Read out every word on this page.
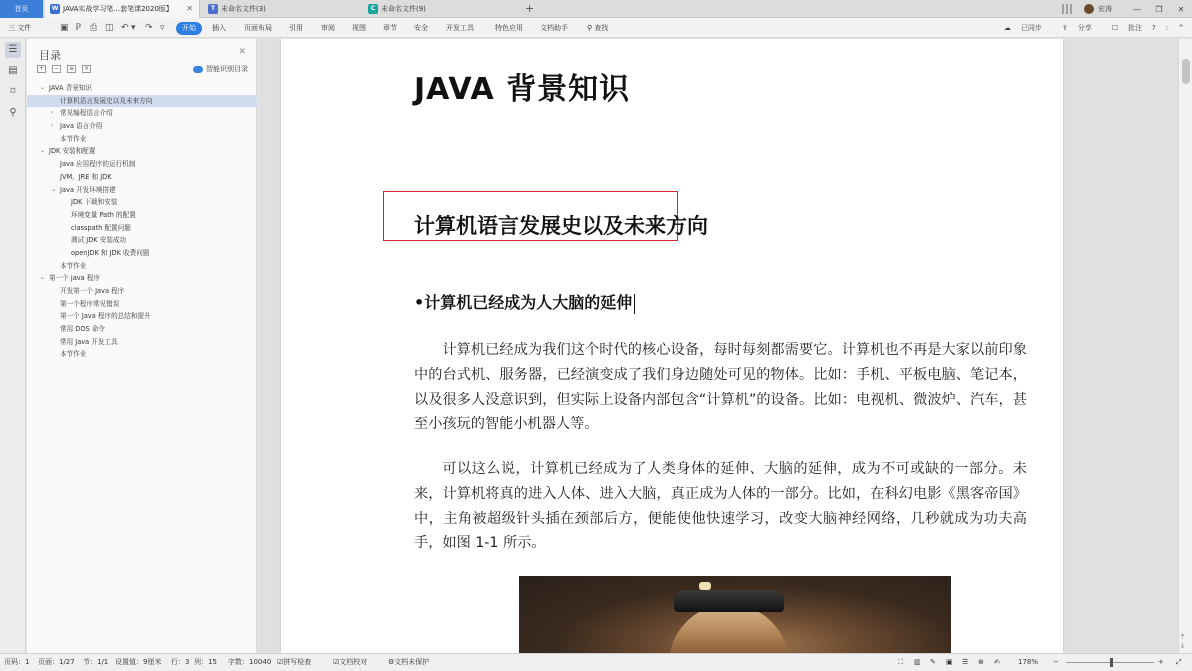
首页	W JAVA实战学习笔...套笔课2020版】 ✕	T 未命名文件(3)	C 未命名文件(9)	+	宏涛	—	❐	✕
三 文件	▣ ℙ ⎙ ◫ ↶ ▾ ↷ ▿	开始	插入	页面布局 引用	审阅 视图 章节 安全	开发工具	特色应用 文档助手	⚲ 查找	☁ 已同步	⇪ 分享	☐ 批注 ? : ^
☰
▤
⌑
⚲
目录	✕
+	−	≡	×	智能识别目录
⌄ JAVA 背景知识
计算机语言发展史以及未来方向
› 常见编程语言介绍
› Java 语言介绍
本节作业
⌄ JDK 安装和配置
Java 应用程序的运行机制
JVM、JRE 和 JDK
⌄ Java 开发环境搭建
JDK 下载和安装
环境变量 Path 的配置
classpath 配置问题
测试 JDK 安装成功
openJDK 和 JDK 收费问题
本节作业
⌄ 第一个 java 程序
开发第一个 Java 程序
第一个程序常见错误
第一个 Java 程序的总结和提升
常用 DOS 命令
常用 Java 开发工具
本节作业
JAVA 背景知识
计算机语言发展史以及未来方向
•计算机已经成为人大脑的延伸
计算机已经成为我们这个时代的核心设备，每时每刻都需要它。计算机也不再是大家以前印象中的台式机、服务器，已经演变成了我们身边随处可见的物体。比如：手机、平板电脑、笔记本，以及很多人没意识到，但实际上设备内部包含“计算机”的设备。比如：电视机、微波炉、汽车，甚至小孩玩的智能小机器人等。
可以这么说，计算机已经成为了人类身体的延伸、大脑的延伸，成为不可或缺的一部分。未来，计算机将真的进入人体、进入大脑，真正成为人体的一部分。比如，在科幻电影《黑客帝国》中，主角被超级针头插在颈部后方，便能使他快速学习，改变大脑神经网络，几秒就成为功夫高手，如图 1-1 所示。
⤒
⤓
页码：1 页面：1/27 节：1/1 设置值：9厘米 行：3 列：15 字数：10040 ☑拼写检查	☑文档校对	⚙文档未保护	⛶ ▥ ✎ ▣ ☰ ⊕ ✍	178% −	+ ⤢
